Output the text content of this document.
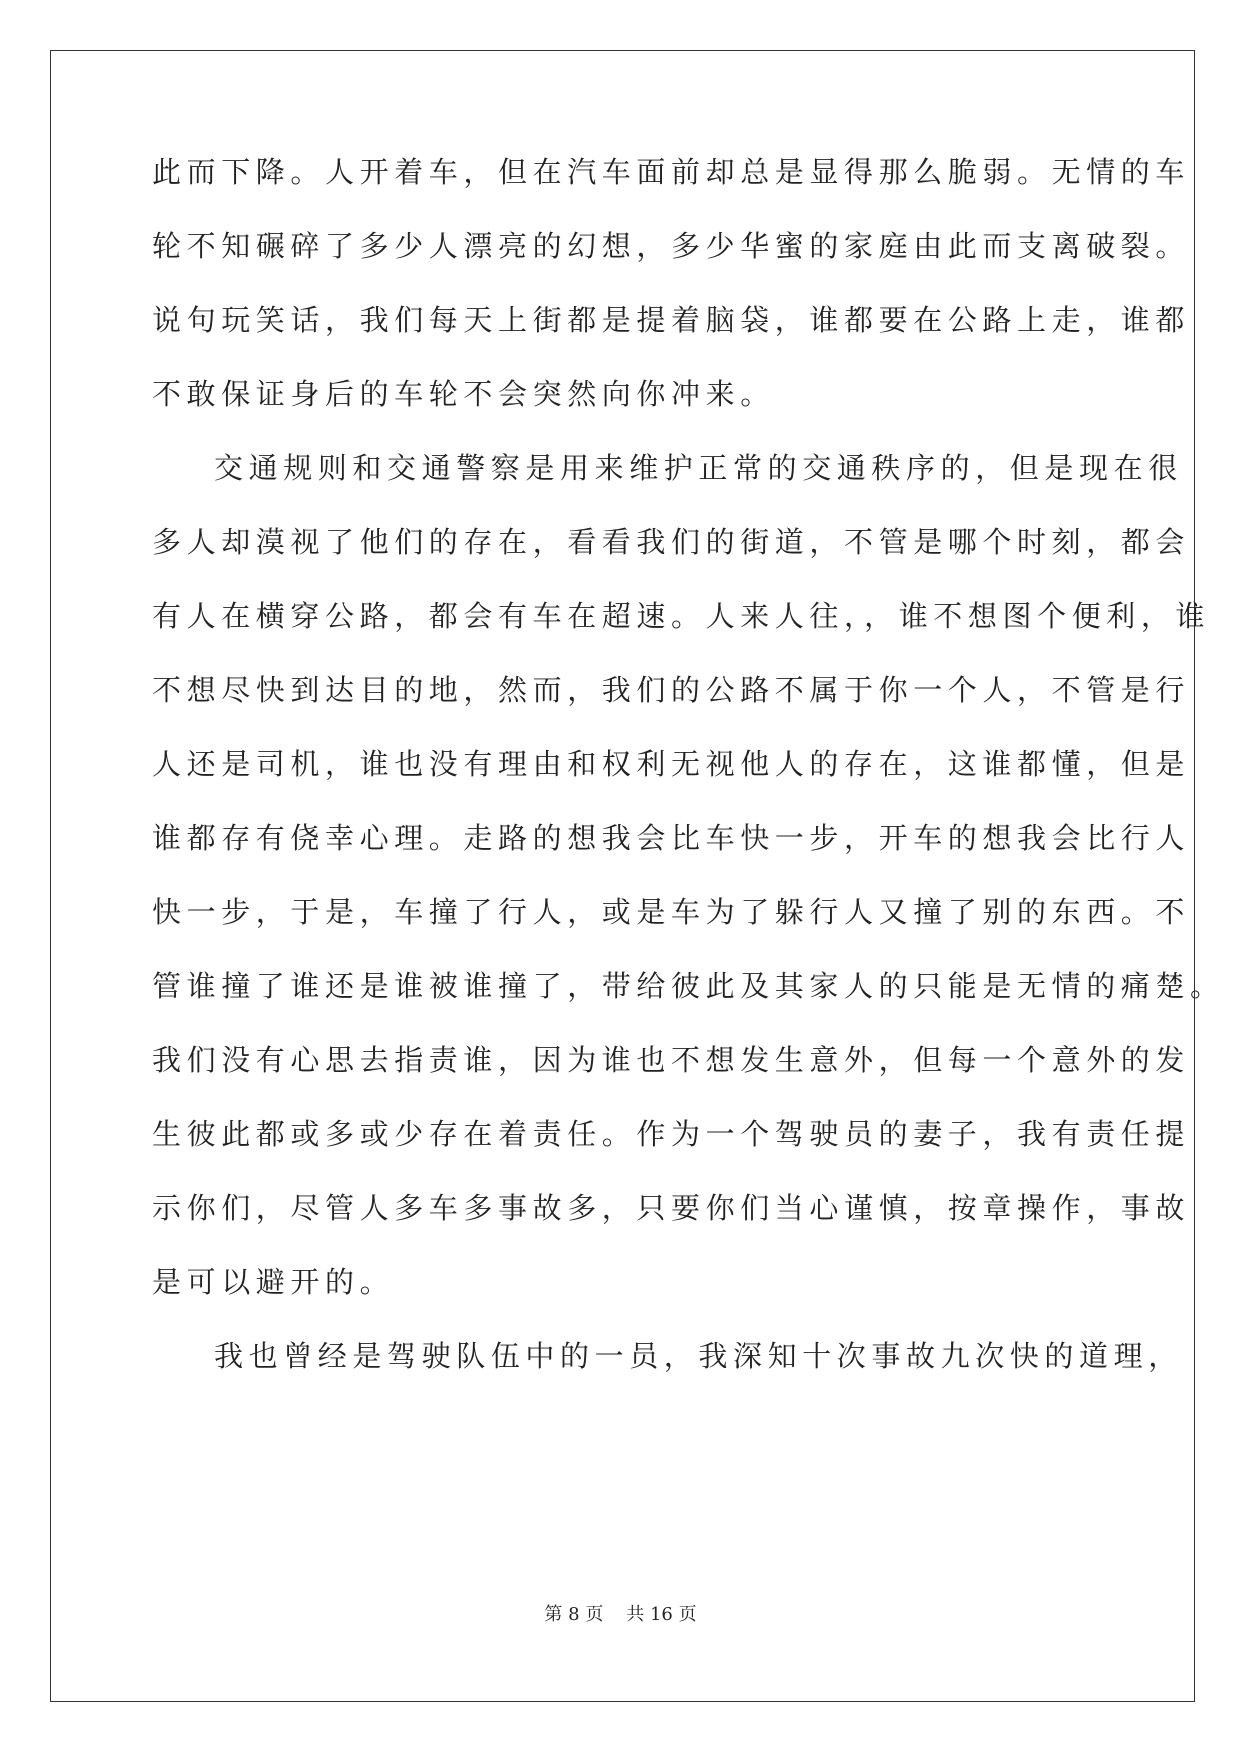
此而下降。人开着车，但在汽车面前却总是显得那么脆弱。无情的车
轮不知碾碎了多少人漂亮的幻想，多少华蜜的家庭由此而支离破裂。
说句玩笑话，我们每天上街都是提着脑袋，谁都要在公路上走，谁都
不敢保证身后的车轮不会突然向你冲来。
交通规则和交通警察是用来维护正常的交通秩序的，但是现在很
多人却漠视了他们的存在，看看我们的街道，不管是哪个时刻，都会
有人在横穿公路，都会有车在超速。人来人往，，谁不想图个便利，谁
不想尽快到达目的地，然而，我们的公路不属于你一个人，不管是行
人还是司机，谁也没有理由和权利无视他人的存在，这谁都懂，但是
谁都存有侥幸心理。走路的想我会比车快一步，开车的想我会比行人
快一步，于是，车撞了行人，或是车为了躲行人又撞了别的东西。不
管谁撞了谁还是谁被谁撞了，带给彼此及其家人的只能是无情的痛楚。
我们没有心思去指责谁，因为谁也不想发生意外，但每一个意外的发
生彼此都或多或少存在着责任。作为一个驾驶员的妻子，我有责任提
示你们，尽管人多车多事故多，只要你们当心谨慎，按章操作，事故
是可以避开的。
我也曾经是驾驶队伍中的一员，我深知十次事故九次快的道理，
第 8 页 共 16 页
